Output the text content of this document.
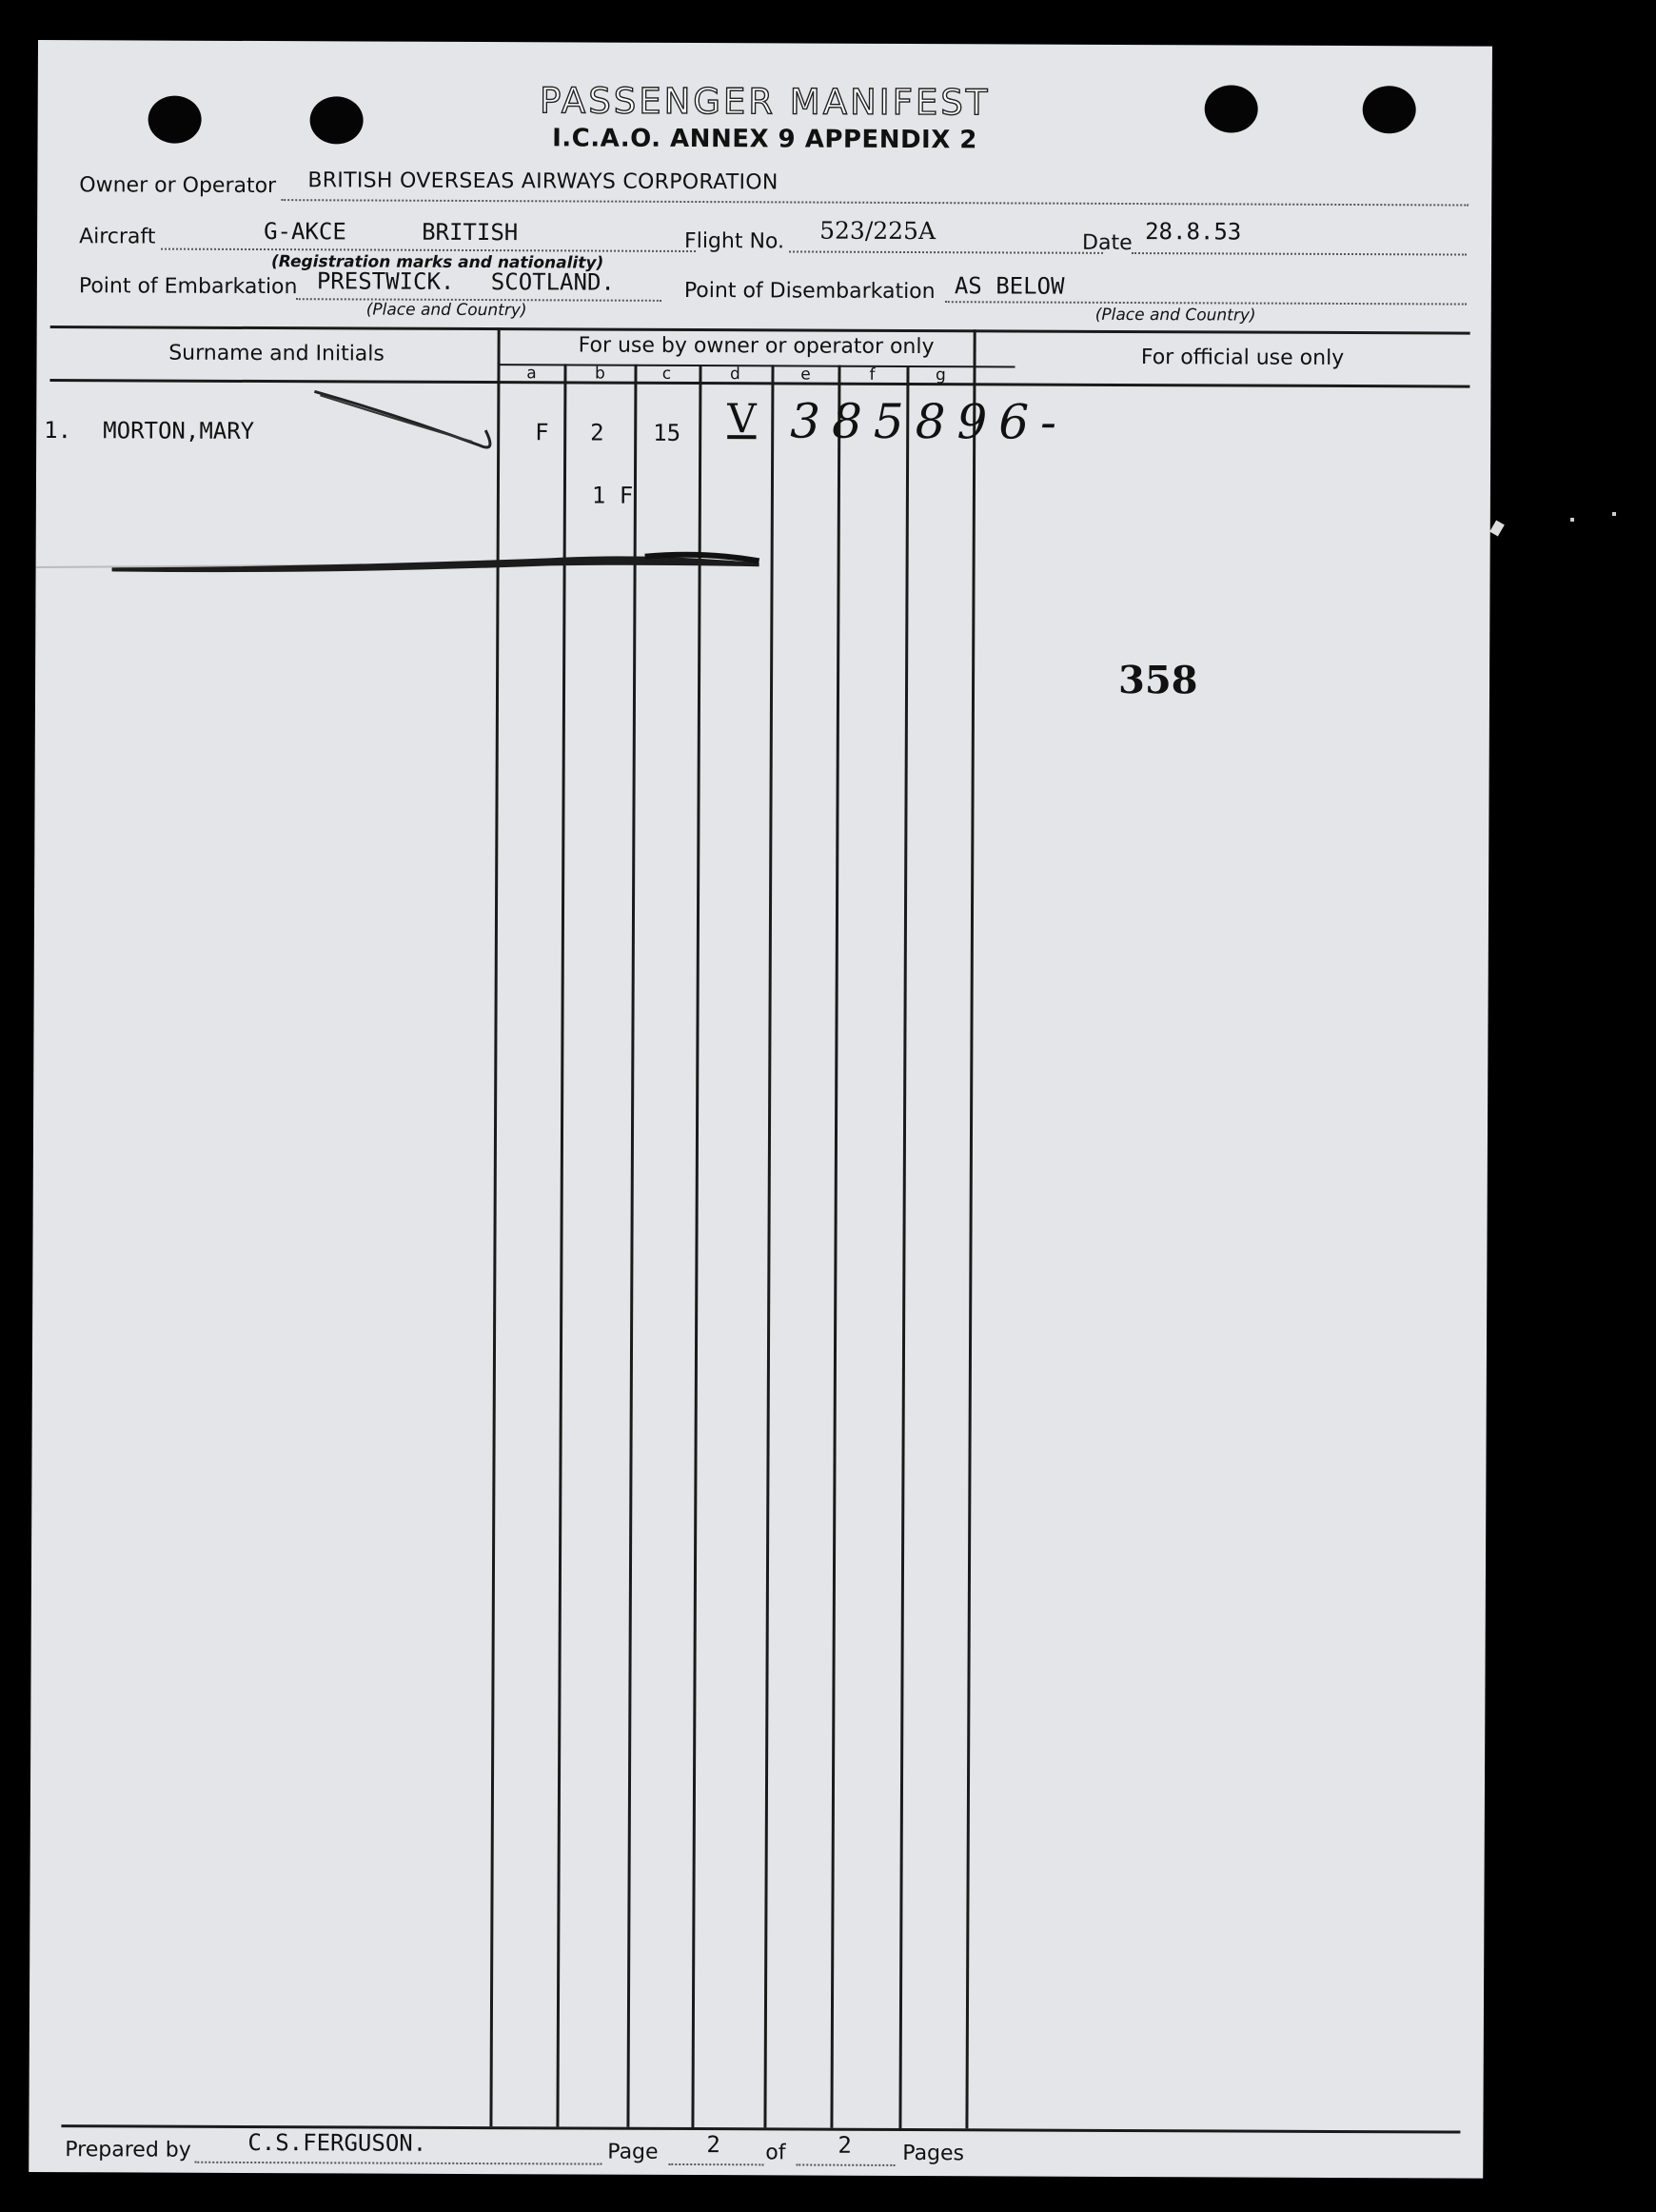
PASSENGER MANIFEST
I.C.A.O. ANNEX 9 APPENDIX 2
Owner or Operator BRITISH OVERSEAS AIRWAYS CORPORATION
Aircraft	G-AKCE	BRITISH
(Registration marks and nationality)
Flight No. 523/225A	Date 28.8.53
Point of Embarkation PRESTWICK. SCOTLAND.
(Place and Country)
Point of Disembarkation AS BELOW
(Place and Country)
Surname and Initials	For use by owner or operator only	For official use only
a	b	c	d	e	f	g
1. MORTON,MARY	F 2 15 V 385896-
1 F
358
Prepared by C.S.FERGUSON.	Page 2 of 2 Pages
